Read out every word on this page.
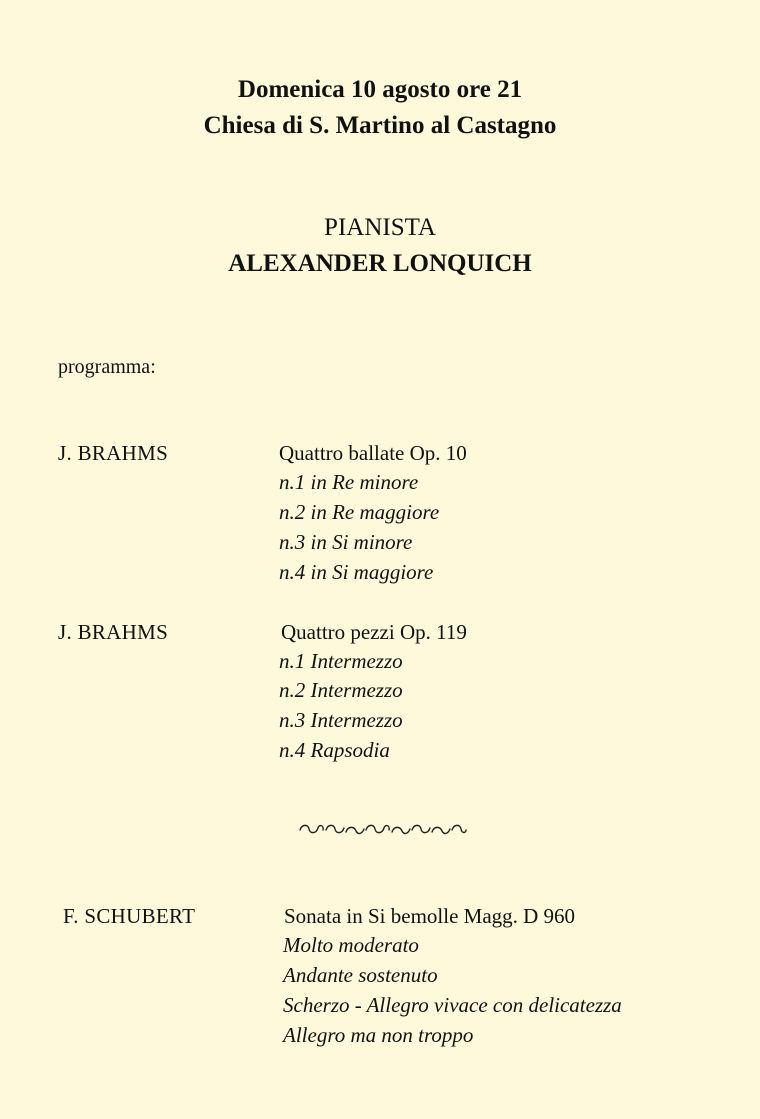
Domenica 10 agosto ore 21
Chiesa di S. Martino al Castagno
PIANISTA
ALEXANDER LONQUICH
programma:
J. BRAHMS	Quattro ballate Op. 10
n.1 in Re minore
n.2 in Re maggiore
n.3 in Si minore
n.4 in Si maggiore
J. BRAHMS	Quattro pezzi Op. 119
n.1 Intermezzo
n.2 Intermezzo
n.3 Intermezzo
n.4 Rapsodia
F. SCHUBERT	Sonata in Si bemolle Magg. D 960
Molto moderato
Andante sostenuto
Scherzo - Allegro vivace con delicatezza
Allegro ma non troppo
